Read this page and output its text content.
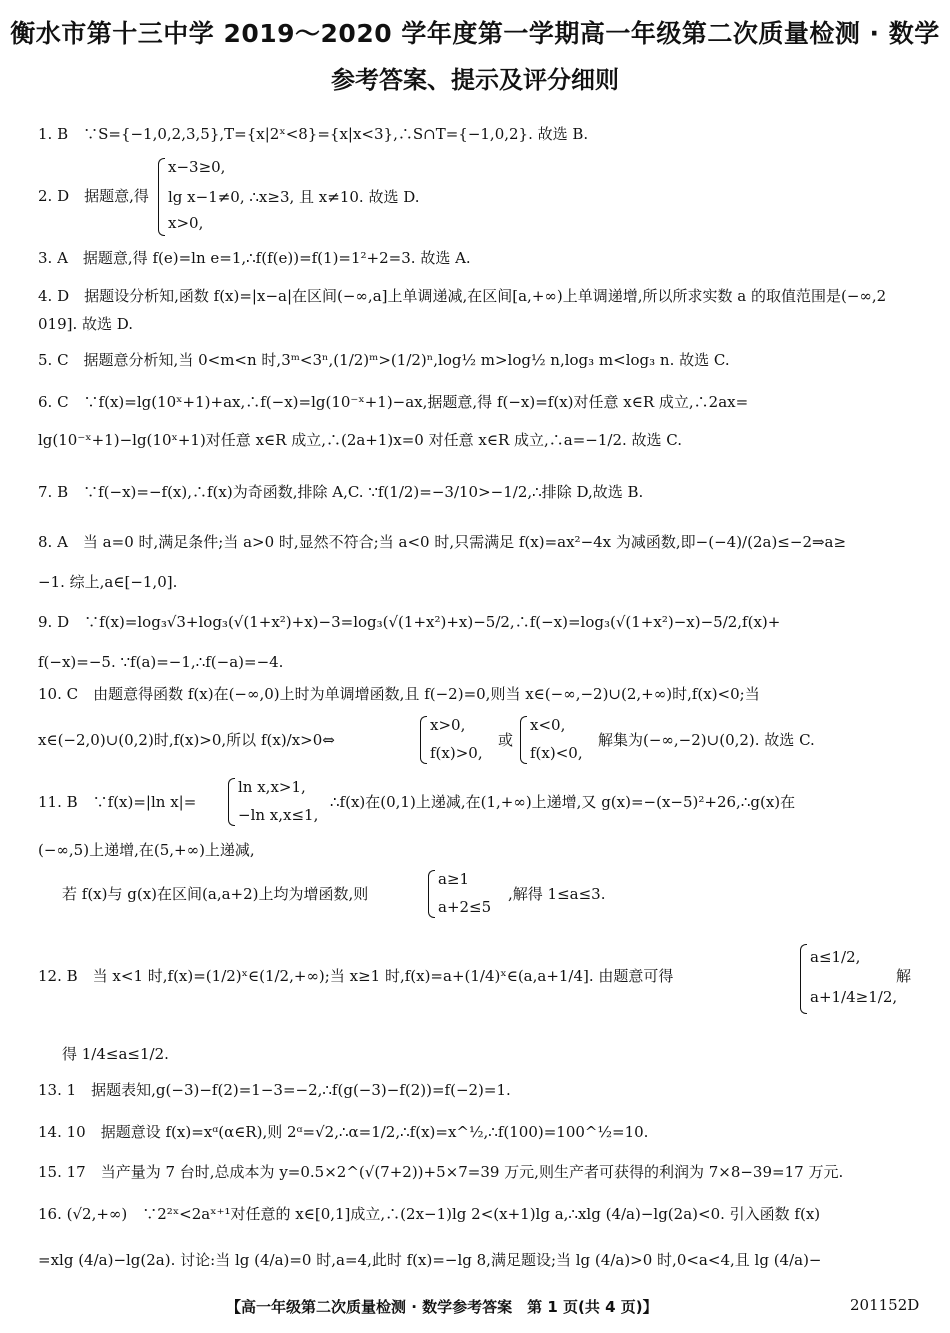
衡水市第十三中学 2019～2020 学年度第一学期高一年级第二次质量检测 · 数学
参考答案、提示及评分细则
1. B　∵S={−1,0,2,3,5},T={x|2ˣ<8}={x|x<3},∴S∩T={−1,0,2}. 故选 B.
2. D　据题意,得
x−3≥0,
lg x−1≠0, ∴x≥3, 且 x≠10. 故选 D.
x>0,
3. A　据题意,得 f(e)=ln e=1,∴f(f(e))=f(1)=1²+2=3. 故选 A.
4. D　据题设分析知,函数 f(x)=|x−a|在区间(−∞,a]上单调递减,在区间[a,+∞)上单调递增,所以所求实数 a 的取值范围是(−∞,2 019]. 故选 D.
5. C　据题意分析知,当 0<m<n 时,3ᵐ<3ⁿ,(1/2)ᵐ>(1/2)ⁿ,log½ m>log½ n,log₃ m<log₃ n. 故选 C.
6. C　∵f(x)=lg(10ˣ+1)+ax,∴f(−x)=lg(10⁻ˣ+1)−ax,据题意,得 f(−x)=f(x)对任意 x∈R 成立,∴2ax=
lg(10⁻ˣ+1)−lg(10ˣ+1)对任意 x∈R 成立,∴(2a+1)x=0 对任意 x∈R 成立,∴a=−1/2. 故选 C.
7. B　∵f(−x)=−f(x),∴f(x)为奇函数,排除 A,C. ∵f(1/2)=−3/10>−1/2,∴排除 D,故选 B.
8. A　当 a=0 时,满足条件;当 a>0 时,显然不符合;当 a<0 时,只需满足 f(x)=ax²−4x 为减函数,即−(−4)/(2a)≤−2⇒a≥
−1. 综上,a∈[−1,0].
9. D　∵f(x)=log₃√3+log₃(√(1+x²)+x)−3=log₃(√(1+x²)+x)−5/2,∴f(−x)=log₃(√(1+x²)−x)−5/2,f(x)+
f(−x)=−5. ∵f(a)=−1,∴f(−a)=−4.
10. C　由题意得函数 f(x)在(−∞,0)上时为单调增函数,且 f(−2)=0,则当 x∈(−∞,−2)∪(2,+∞)时,f(x)<0;当
x∈(−2,0)∪(0,2)时,f(x)>0,所以 f(x)/x>0⇔
x>0,
f(x)>0,
或
x<0,
f(x)<0,
解集为(−∞,−2)∪(0,2). 故选 C.
11. B　∵f(x)=|ln x|=
ln x,x>1,
−ln x,x≤1,
∴f(x)在(0,1)上递减,在(1,+∞)上递增,又 g(x)=−(x−5)²+26,∴g(x)在
(−∞,5)上递增,在(5,+∞)上递减,
若 f(x)与 g(x)在区间(a,a+2)上均为增函数,则
a≥1
a+2≤5
,解得 1≤a≤3.
12. B　当 x<1 时,f(x)=(1/2)ˣ∈(1/2,+∞);当 x≥1 时,f(x)=a+(1/4)ˣ∈(a,a+1/4]. 由题意可得
a≤1/2,
a+1/4≥1/2,
解
得 1/4≤a≤1/2.
13. 1　据题表知,g(−3)−f(2)=1−3=−2,∴f(g(−3)−f(2))=f(−2)=1.
14. 10　据题意设 f(x)=xᵅ(α∈R),则 2ᵅ=√2,∴α=1/2,∴f(x)=x^½,∴f(100)=100^½=10.
15. 17　当产量为 7 台时,总成本为 y=0.5×2^(√(7+2))+5×7=39 万元,则生产者可获得的利润为 7×8−39=17 万元.
16. (√2,+∞)　∵2²ˣ<2aˣ⁺¹对任意的 x∈[0,1]成立,∴(2x−1)lg 2<(x+1)lg a,∴xlg (4/a)−lg(2a)<0. 引入函数 f(x)
=xlg (4/a)−lg(2a). 讨论:当 lg (4/a)=0 时,a=4,此时 f(x)=−lg 8,满足题设;当 lg (4/a)>0 时,0<a<4,且 lg (4/a)−
【高一年级第二次质量检测 · 数学参考答案　第 1 页(共 4 页)】	201152D
